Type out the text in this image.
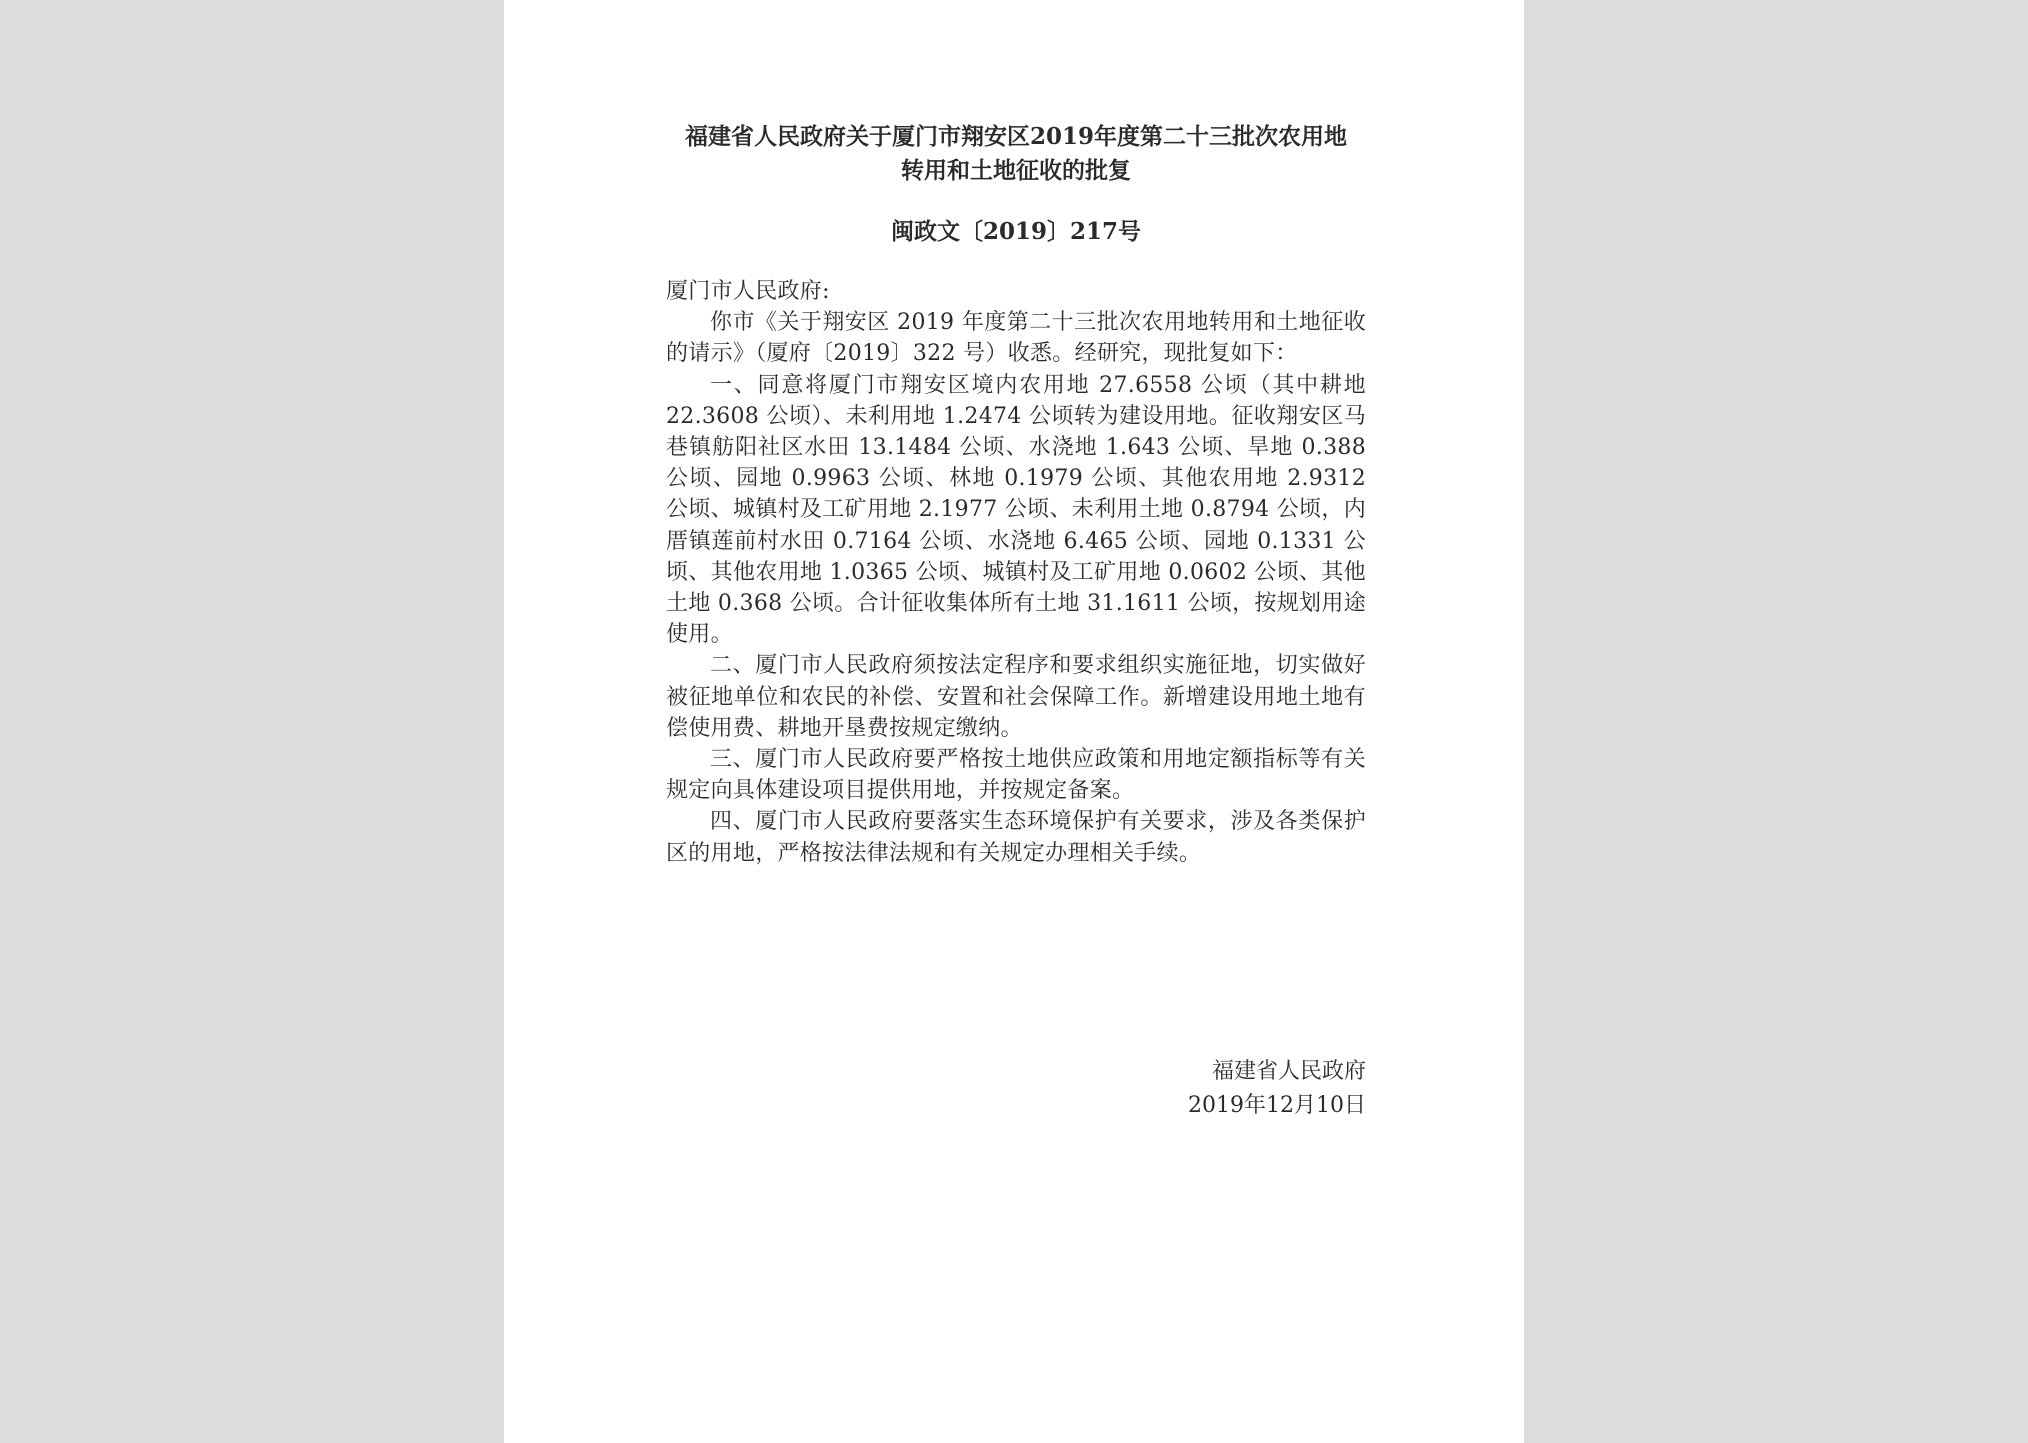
福建省人民政府关于厦门市翔安区2019年度第二十三批次农用地
转用和土地征收的批复
闽政文〔2019〕217号

厦门市人民政府:

你市《关于翔安区 2019 年度第二十三批次农用地转用和土地征收的请示》（厦府〔2019〕322 号）收悉。经研究，现批复如下：

一、同意将厦门市翔安区境内农用地 27.6558 公顷（其中耕地 22.3608 公顷）、未利用地 1.2474 公顷转为建设用地。征收翔安区马巷镇舫阳社区水田 13.1484 公顷、水浇地 1.643 公顷、旱地 0.388 公顷、园地 0.9963 公顷、林地 0.1979 公顷、其他农用地 2.9312 公顷、城镇村及工矿用地 2.1977 公顷、未利用土地 0.8794 公顷，内厝镇莲前村水田 0.7164 公顷、水浇地 6.465 公顷、园地 0.1331 公顷、其他农用地 1.0365 公顷、城镇村及工矿用地 0.0602 公顷、其他土地 0.368 公顷。合计征收集体所有土地 31.1611 公顷，按规划用途使用。

二、厦门市人民政府须按法定程序和要求组织实施征地，切实做好被征地单位和农民的补偿、安置和社会保障工作。新增建设用地土地有偿使用费、耕地开垦费按规定缴纳。

三、厦门市人民政府要严格按土地供应政策和用地定额指标等有关规定向具体建设项目提供用地，并按规定备案。

四、厦门市人民政府要落实生态环境保护有关要求，涉及各类保护区的用地，严格按法律法规和有关规定办理相关手续。

福建省人民政府
2019年12月10日
